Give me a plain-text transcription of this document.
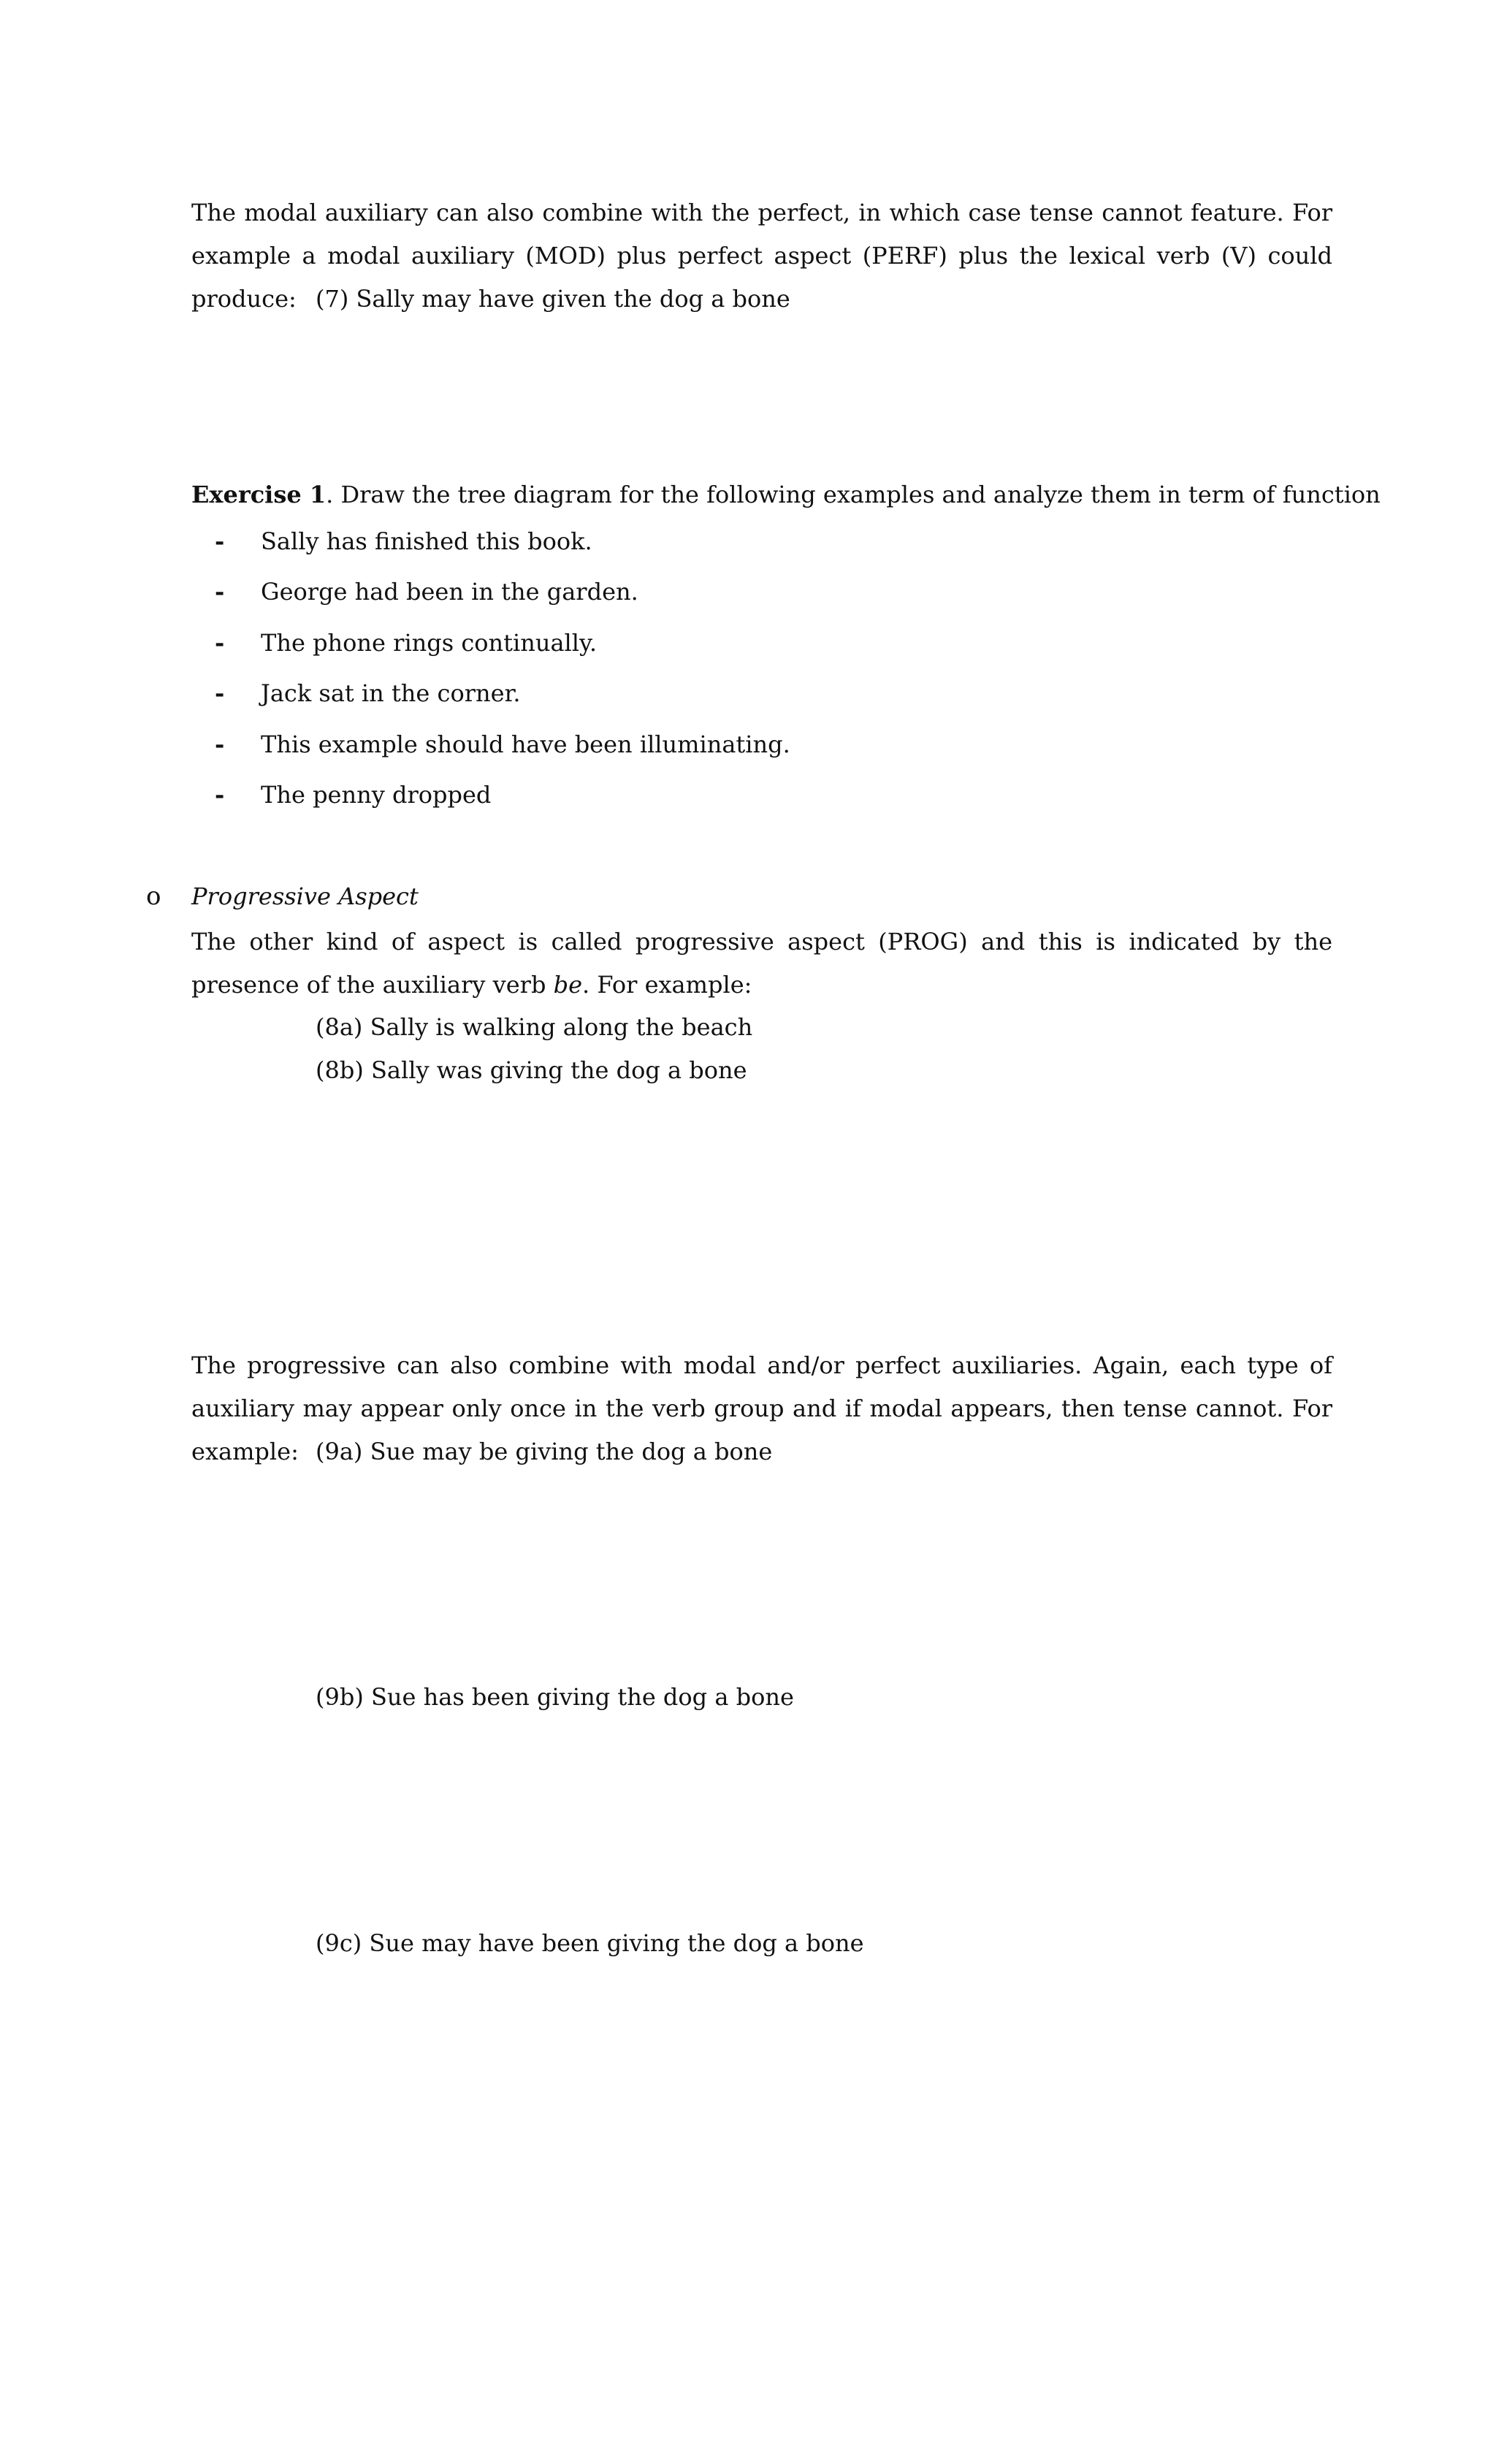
The modal auxiliary can also combine with the perfect, in which case tense cannot feature. For example a modal auxiliary (MOD) plus perfect aspect (PERF) plus the lexical verb (V) could produce: (7) Sally may have given the dog a bone
Exercise 1. Draw the tree diagram for the following examples and analyze them in term of function
- Sally has finished this book.
- George had been in the garden.
- The phone rings continually.
- Jack sat in the corner.
- This example should have been illuminating.
- The penny dropped
o Progressive Aspect

The other kind of aspect is called progressive aspect (PROG) and this is indicated by the presence of the auxiliary verb be. For example:

(8a) Sally is walking along the beach
(8b) Sally was giving the dog a bone

The progressive can also combine with modal and/or perfect auxiliaries. Again, each type of auxiliary may appear only once in the verb group and if modal appears, then tense cannot. For example: (9a) Sue may be giving the dog a bone
(9b) Sue has been giving the dog a bone
(9c) Sue may have been giving the dog a bone
